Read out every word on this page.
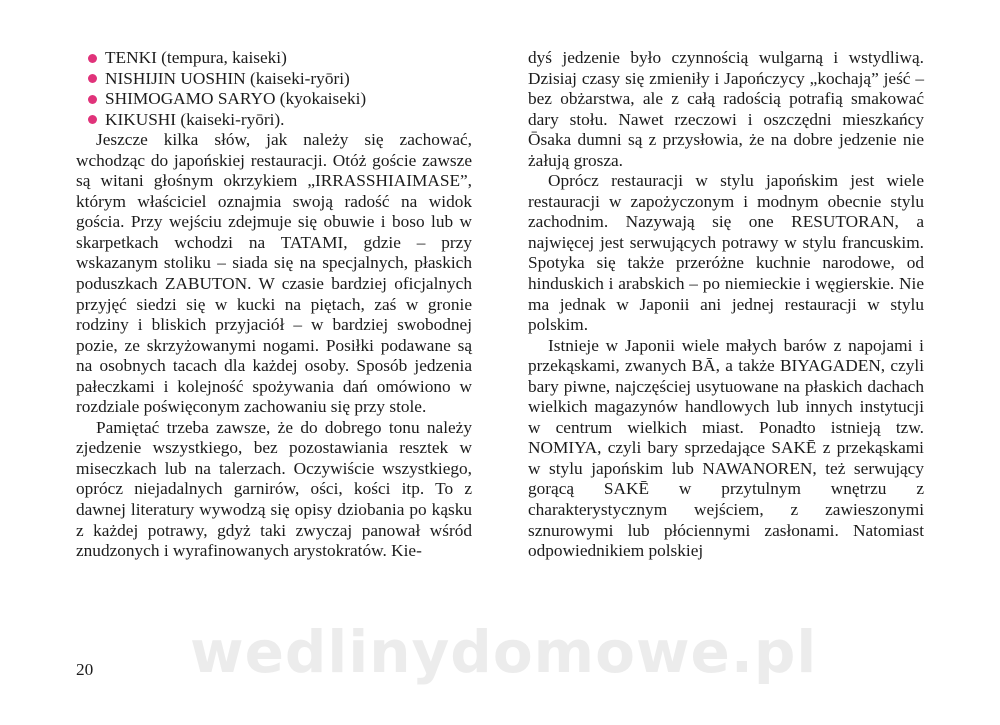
TENKI (tempura, kaiseki)
NISHIJIN UOSHIN (kaiseki-ryōri)
SHIMOGAMO SARYO (kyokaiseki)
KIKUSHI (kaiseki-ryōri).

Jeszcze kilka słów, jak należy się zachować, wchodząc do japońskiej restauracji. Otóż goście zawsze są witani głośnym okrzykiem „IRRASSHIAIMASE”, którym właściciel oznajmia swoją radość na widok gościa. Przy wejściu zdejmuje się obuwie i boso lub w skarpetkach wchodzi na TATAMI, gdzie – przy wskazanym stoliku – siada się na specjalnych, płaskich poduszkach ZABUTON. W czasie bardziej oficjalnych przyjęć siedzi się w kucki na piętach, zaś w gronie rodziny i bliskich przyjaciół – w bardziej swobodnej pozie, ze skrzyżowanymi nogami. Posiłki podawane są na osobnych tacach dla każdej osoby. Sposób jedzenia pałeczkami i kolejność spożywania dań omówiono w rozdziale poświęconym zachowaniu się przy stole.

Pamiętać trzeba zawsze, że do dobrego tonu należy zjedzenie wszystkiego, bez pozostawiania resztek w miseczkach lub na talerzach. Oczywiście wszystkiego, oprócz niejadalnych garnirów, ości, kości itp. To z dawnej literatury wywodzą się opisy dziobania po kąsku z każdej potrawy, gdyż taki zwyczaj panował wśród znudzonych i wyrafinowanych arystokratów. Kie-

dyś jedzenie było czynnością wulgarną i wstydliwą. Dzisiaj czasy się zmieniły i Japończycy „kochają” jeść – bez obżarstwa, ale z całą radością potrafią smakować dary stołu. Nawet rzeczowi i oszczędni mieszkańcy Ōsaka dumni są z przysłowia, że na dobre jedzenie nie żałują grosza.

Oprócz restauracji w stylu japońskim jest wiele restauracji w zapożyczonym i modnym obecnie stylu zachodnim. Nazywają się one RESUTORAN, a najwięcej jest serwujących potrawy w stylu francuskim. Spotyka się także przeróżne kuchnie narodowe, od hinduskich i arabskich – po niemieckie i węgierskie. Nie ma jednak w Japonii ani jednej restauracji w stylu polskim.

Istnieje w Japonii wiele małych barów z napojami i przekąskami, zwanych BĀ, a także BIYAGADEN, czyli bary piwne, najczęściej usytuowane na płaskich dachach wielkich magazynów handlowych lub innych instytucji w centrum wielkich miast. Ponadto istnieją tzw. NOMIYA, czyli bary sprzedające SAKĒ z przekąskami w stylu japońskim lub NAWANOREN, też serwujący gorącą SAKĒ w przytulnym wnętrzu z charakterystycznym wejściem, z zawieszonymi sznurowymi lub płóciennymi zasłonami. Natomiast odpowiednikiem polskiej

20 wedlinydomowe.pl
